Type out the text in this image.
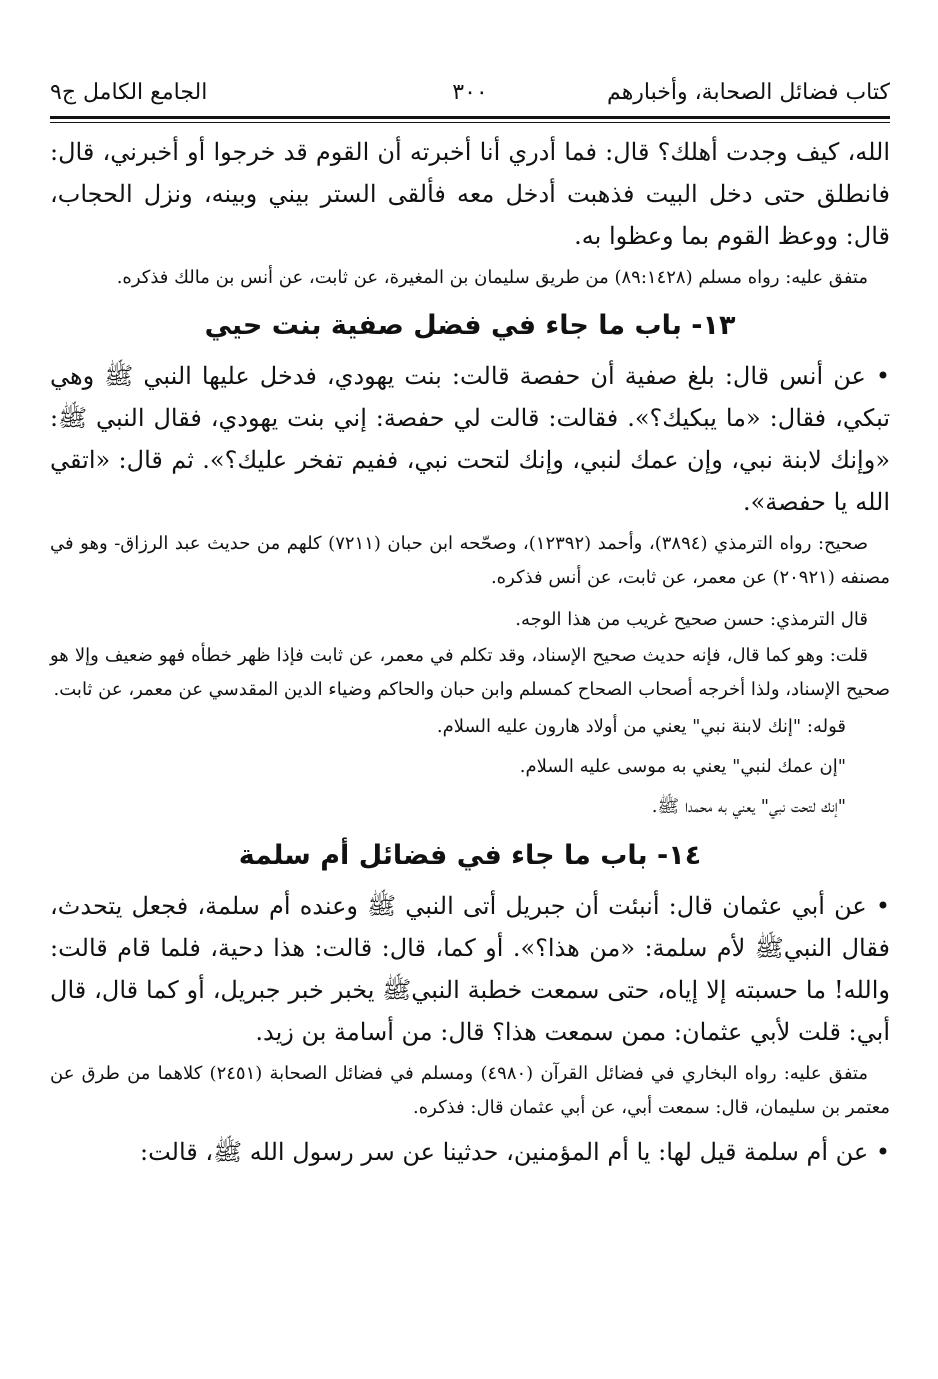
كتاب فضائل الصحابة، وأخبارهم
٣٠٠
الجامع الكامل ج٩

الله، كيف وجدت أهلك؟ قال: فما أدري أنا أخبرته أن القوم قد خرجوا أو أخبرني، قال: فانطلق حتى دخل البيت فذهبت أدخل معه فألقى الستر بيني وبينه، ونزل الحجاب، قال: ووعظ القوم بما وعظوا به.

متفق عليه: رواه مسلم (٨٩:١٤٢٨) من طريق سليمان بن المغيرة، عن ثابت، عن أنس بن مالك فذكره.

١٣- باب ما جاء في فضل صفية بنت حيي

• عن أنس قال: بلغ صفية أن حفصة قالت: بنت يهودي، فدخل عليها النبي ﷺ وهي تبكي، فقال: «ما يبكيك؟». فقالت: قالت لي حفصة: إني بنت يهودي، فقال النبي ﷺ: «وإنك لابنة نبي، وإن عمك لنبي، وإنك لتحت نبي، ففيم تفخر عليك؟». ثم قال: «اتقي الله يا حفصة».

صحيح: رواه الترمذي (٣٨٩٤)، وأحمد (١٢٣٩٢)، وصحّحه ابن حبان (٧٢١١) كلهم من حديث عبد الرزاق- وهو في مصنفه (٢٠٩٢١) عن معمر، عن ثابت، عن أنس فذكره.

قال الترمذي: حسن صحيح غريب من هذا الوجه.

قلت: وهو كما قال، فإنه حديث صحيح الإسناد، وقد تكلم في معمر، عن ثابت فإذا ظهر خطأه فهو ضعيف وإلا هو صحيح الإسناد، ولذا أخرجه أصحاب الصحاح كمسلم وابن حبان والحاكم وضياء الدين المقدسي عن معمر، عن ثابت.

قوله: "إنك لابنة نبي" يعني من أولاد هارون عليه السلام.

"إن عمك لنبي" يعني به موسى عليه السلام.

"إنك لتحت نبي" يعني به محمدا ﷺ.

١٤- باب ما جاء في فضائل أم سلمة

• عن أبي عثمان قال: أنبئت أن جبريل أتى النبي ﷺ وعنده أم سلمة، فجعل يتحدث، فقال النبيﷺ لأم سلمة: «من هذا؟». أو كما، قال: قالت: هذا دحية، فلما قام قالت: والله! ما حسبته إلا إياه، حتى سمعت خطبة النبيﷺ يخبر خبر جبريل، أو كما قال، قال أبي: قلت لأبي عثمان: ممن سمعت هذا؟ قال: من أسامة بن زيد.

متفق عليه: رواه البخاري في فضائل القرآن (٤٩٨٠) ومسلم في فضائل الصحابة (٢٤٥١) كلاهما من طرق عن معتمر بن سليمان، قال: سمعت أبي، عن أبي عثمان قال: فذكره.

• عن أم سلمة قيل لها: يا أم المؤمنين، حدثينا عن سر رسول الله ﷺ، قالت:
